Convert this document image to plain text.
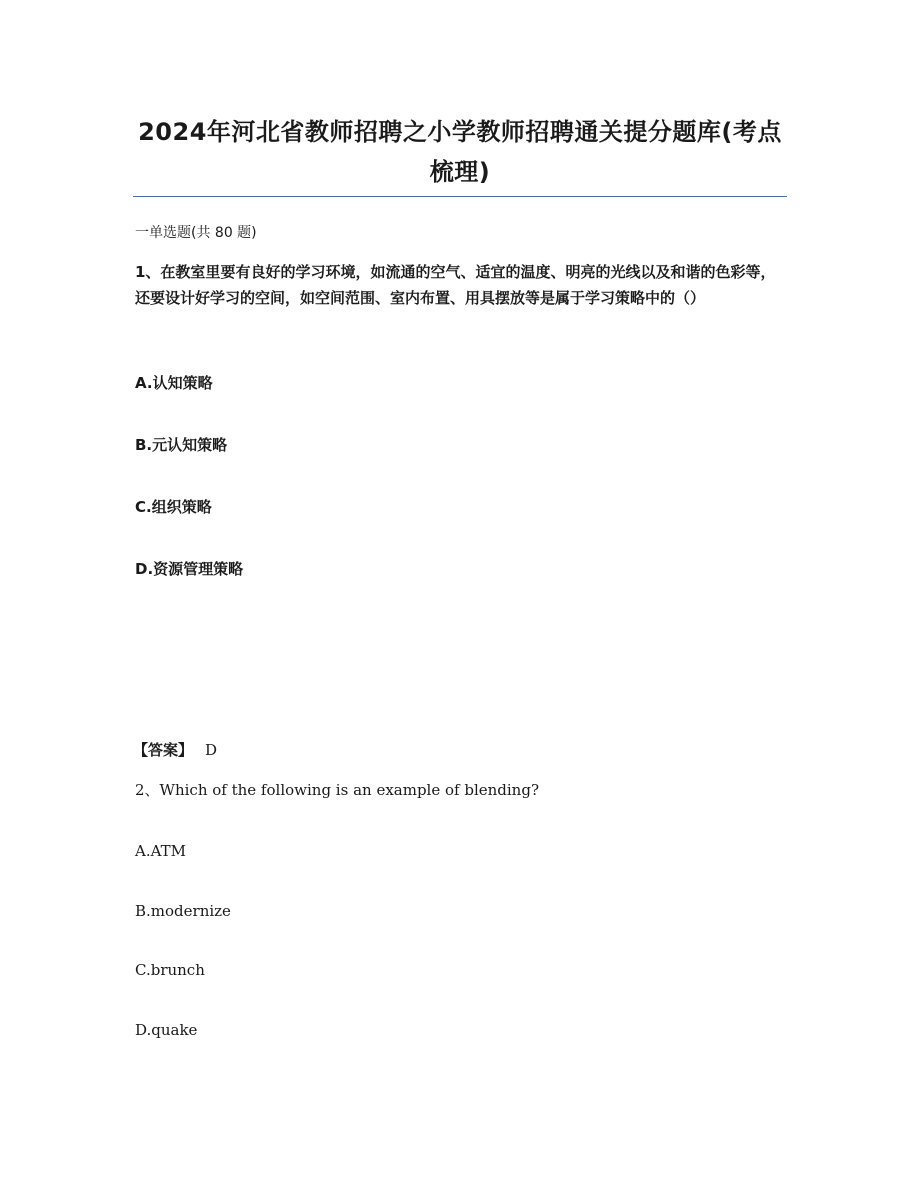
2024年河北省教师招聘之小学教师招聘通关提分题库(考点梳理)
一单选题(共 80 题)
1、在教室里要有良好的学习环境，如流通的空气、适宜的温度、明亮的光线以及和谐的色彩等，还要设计好学习的空间，如空间范围、室内布置、用具摆放等是属于学习策略中的（）
A.认知策略
B.元认知策略
C.组织策略
D.资源管理策略
【答案】 D
2、Which of the following is an example of blending?
A.ATM
B.modernize
C.brunch
D.quake
